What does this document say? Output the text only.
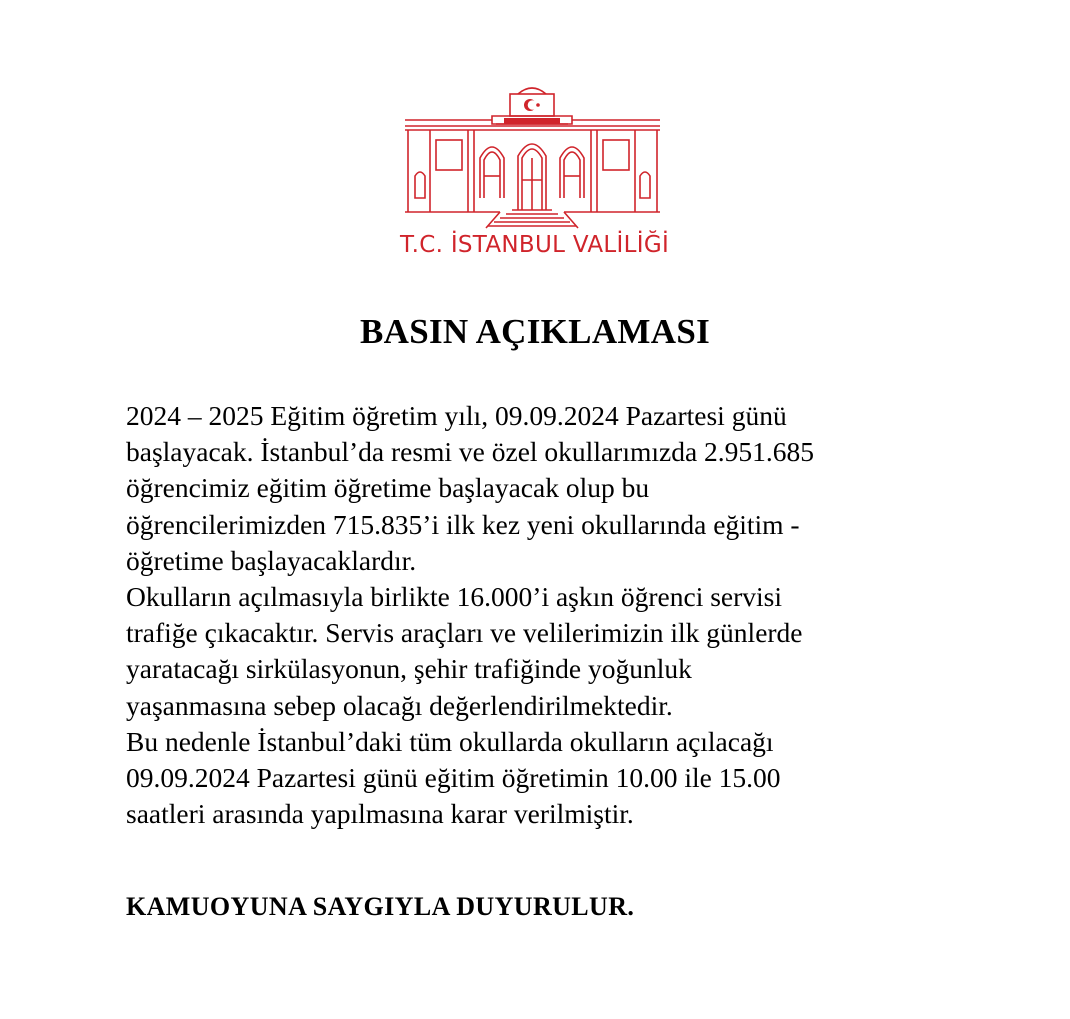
T.C. İSTANBUL VALİLİĞİ
BASIN AÇIKLAMASI
2024 – 2025 Eğitim öğretim yılı, 09.09.2024 Pazartesi günü
başlayacak. İstanbul’da resmi ve özel okullarımızda 2.951.685
öğrencimiz eğitim öğretime başlayacak olup bu
öğrencilerimizden 715.835’i ilk kez yeni okullarında eğitim -
öğretime başlayacaklardır.
Okulların açılmasıyla birlikte 16.000’i aşkın öğrenci servisi
trafiğe çıkacaktır. Servis araçları ve velilerimizin ilk günlerde
yaratacağı sirkülasyonun, şehir trafiğinde yoğunluk
yaşanmasına sebep olacağı değerlendirilmektedir.
Bu nedenle İstanbul’daki tüm okullarda okulların açılacağı
09.09.2024 Pazartesi günü eğitim öğretimin 10.00 ile 15.00
saatleri arasında yapılmasına karar verilmiştir.
KAMUOYUNA SAYGIYLA DUYURULUR.
